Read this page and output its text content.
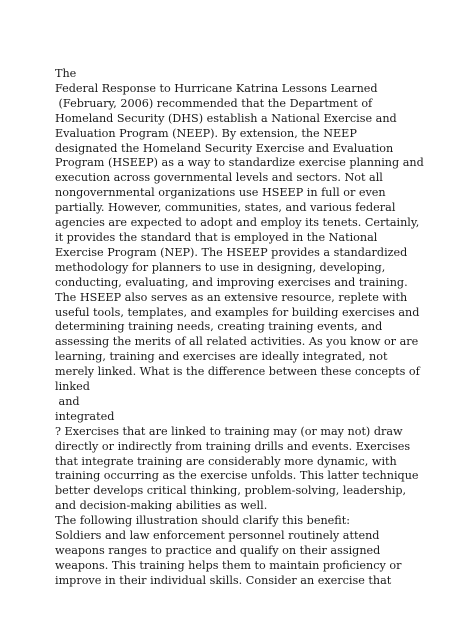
The
Federal Response to Hurricane Katrina Lessons Learned
(February, 2006) recommended that the Department of
Homeland Security (DHS) establish a National Exercise and
Evaluation Program (NEEP). By extension, the NEEP
designated the Homeland Security Exercise and Evaluation
Program (HSEEP) as a way to standardize exercise planning and
execution across governmental levels and sectors. Not all
nongovernmental organizations use HSEEP in full or even
partially. However, communities, states, and various federal
agencies are expected to adopt and employ its tenets. Certainly,
it provides the standard that is employed in the National
Exercise Program (NEP). The HSEEP provides a standardized
methodology for planners to use in designing, developing,
conducting, evaluating, and improving exercises and training.
The HSEEP also serves as an extensive resource, replete with
useful tools, templates, and examples for building exercises and
determining training needs, creating training events, and
assessing the merits of all related activities. As you know or are
learning, training and exercises are ideally integrated, not
merely linked. What is the difference between these concepts of
linked
and
integrated
? Exercises that are linked to training may (or may not) draw
directly or indirectly from training drills and events. Exercises
that integrate training are considerably more dynamic, with
training occurring as the exercise unfolds. This latter technique
better develops critical thinking, problem-solving, leadership,
and decision-making abilities as well.
The following illustration should clarify this benefit:
Soldiers and law enforcement personnel routinely attend
weapons ranges to practice and qualify on their assigned
weapons. This training helps them to maintain proficiency or
improve in their individual skills. Consider an exercise that
